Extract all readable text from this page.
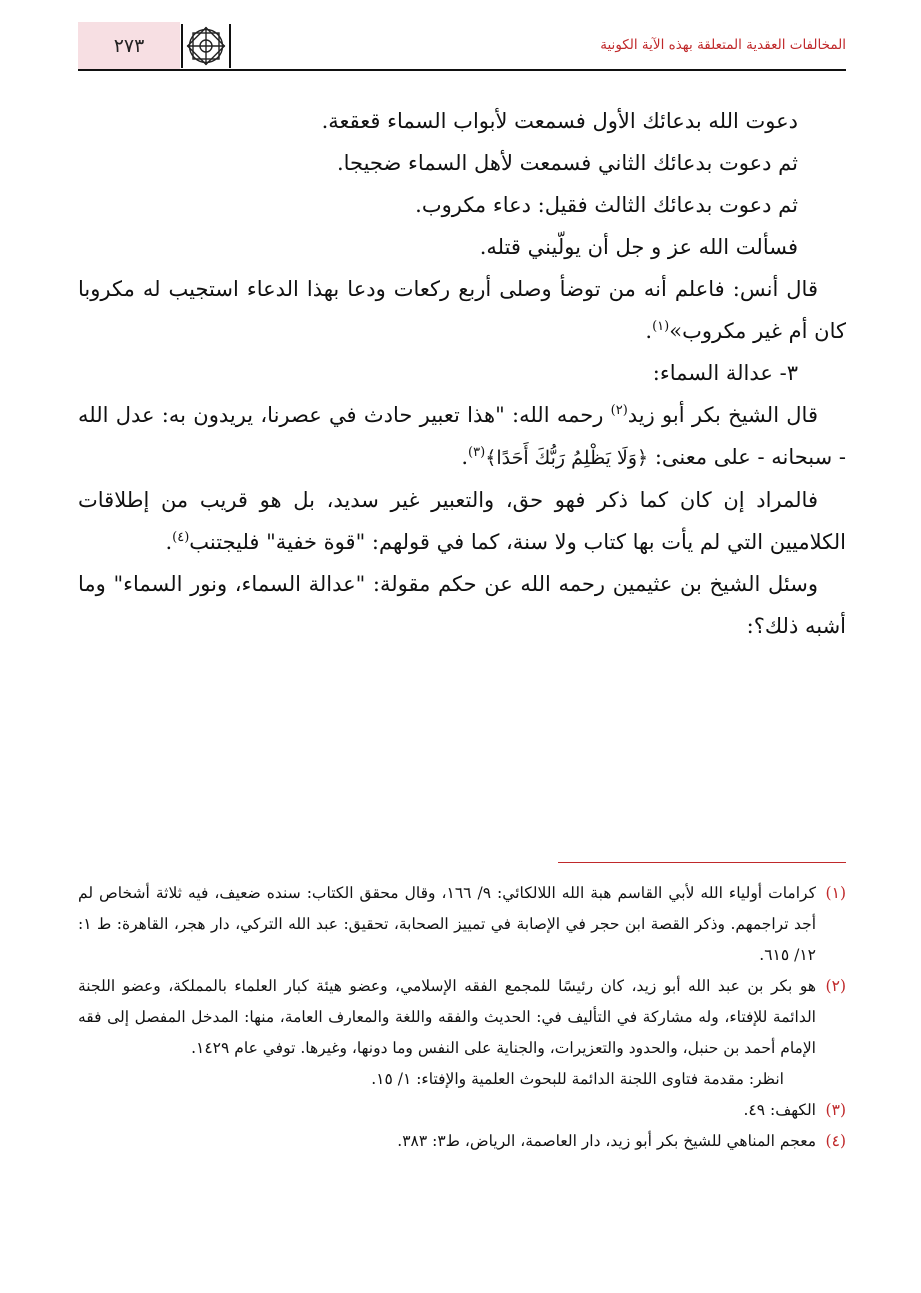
المخالفات العقدية المتعلقة بهذه الآية الكونية
٢٧٣

دعوت الله بدعائك الأول فسمعت لأبواب السماء قعقعة.

ثم دعوت بدعائك الثاني فسمعت لأهل السماء ضجيجا.

ثم دعوت بدعائك الثالث فقيل: دعاء مكروب.

فسألت الله عز و جل أن يولّيني قتله.

قال أنس: فاعلم أنه من توضأ وصلى أربع ركعات ودعا بهذا الدعاء استجيب له مكروبا كان أم غير مكروب»$^{(١)}$.

٣- عدالة السماء:

قال الشيخ بكر أبو زيد$^{(٢)}$ رحمه الله: "هذا تعبير حادث في عصرنا، يريدون به: عدل الله - سبحانه - على معنى: ﴿وَلَا يَظْلِمُ رَبُّكَ أَحَدًا﴾$^{(٣)}$.

فالمراد إن كان كما ذكر فهو حق، والتعبير غير سديد، بل هو قريب من إطلاقات الكلاميين التي لم يأت بها كتاب ولا سنة، كما في قولهم: "قوة خفية" فليجتنب$^{(٤)}$.

وسئل الشيخ بن عثيمين رحمه الله عن حكم مقولة: "عدالة السماء، ونور السماء" وما أشبه ذلك؟:

(١)
كرامات أولياء الله لأبي القاسم هبة الله اللالكائي: ٩/ ١٦٦، وقال محقق الكتاب: سنده ضعيف، فيه ثلاثة أشخاص لم أجد تراجمهم. وذكر القصة ابن حجر في الإصابة في تمييز الصحابة، تحقيق: عبد الله التركي، دار هجر، القاهرة: ط ١: ١٢/ ٦١٥.

(٢)
هو بكر بن عبد الله أبو زيد، كان رئيسًا للمجمع الفقه الإسلامي، وعضو هيئة كبار العلماء بالمملكة، وعضو اللجنة الدائمة للإفتاء، وله مشاركة في التأليف في: الحديث والفقه واللغة والمعارف العامة، منها: المدخل المفصل إلى فقه الإمام أحمد بن حنبل، والحدود والتعزيرات، والجناية على النفس وما دونها، وغيرها. توفي عام ١٤٢٩.

انظر: مقدمة فتاوى اللجنة الدائمة للبحوث العلمية والإفتاء: ١/ ١٥.

(٣)
الكهف: ٤٩.

(٤)
معجم المناهي للشيخ بكر أبو زيد، دار العاصمة، الرياض، ط٣: ٣٨٣.
